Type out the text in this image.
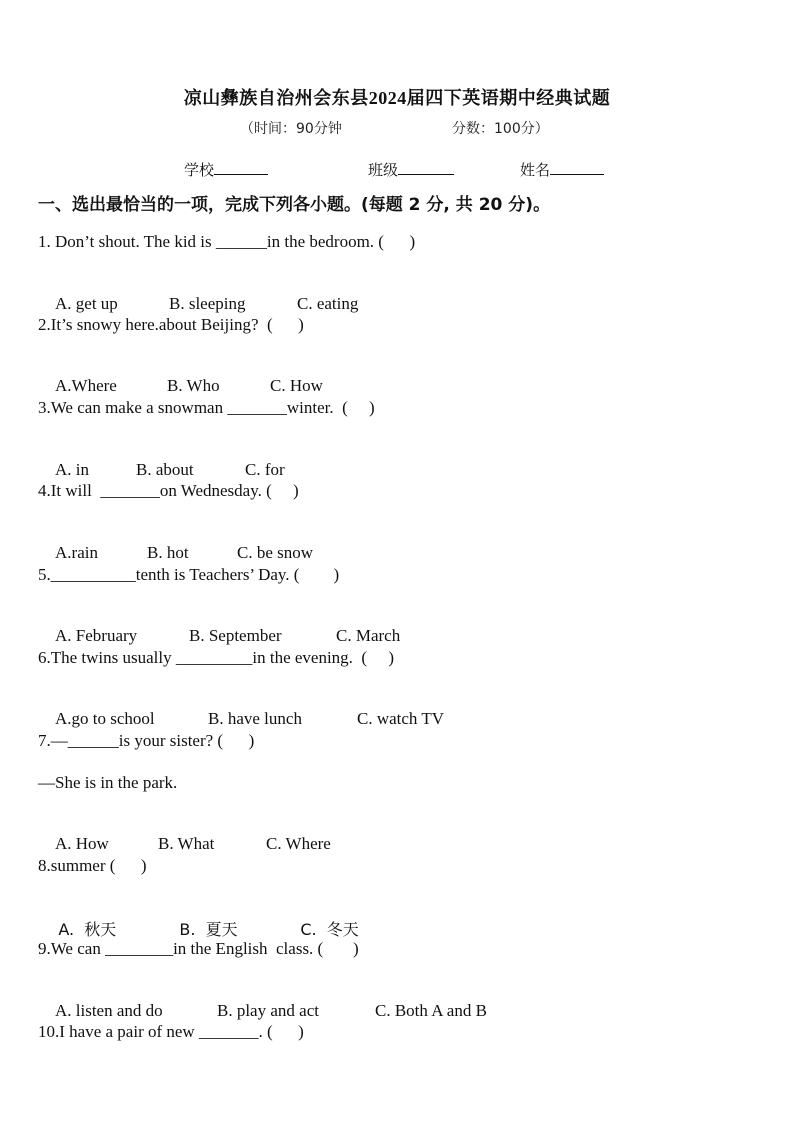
凉山彝族自治州会东县2024届四下英语期中经典试题
（时间：90分钟	分数：100分）
学校	班级	姓名
一、选出最恰当的一项，完成下列各小题。(每题 2 分, 共 20 分)。
1. Don’t shout. The kid is ______in the bedroom. (      )

A. get up	B. sleeping	C. eating

2.It’s snowy here.about Beijing?  (      )

A.Where	B. Who	C. How

3.We can make a snowman _______winter.  (     )

A. in	B. about	C. for

4.It will  _______on Wednesday. (     )

A.rain	B. hot	C. be snow

5.__________tenth is Teachers’ Day. (        )

A. February	B. September	C. March

6.The twins usually _________in the evening.  (     )

A.go to school	B. have lunch	C. watch TV

7.—______is your sister? (      )
—She is in the park.

A. How	B. What	C. Where

8.summer (      )

A.  秋天	B.  夏天	C.  冬天

9.We can ________in the English  class. (       )

A. listen and do	B. play and act	C. Both A and B

10.I have a pair of new _______. (      )
